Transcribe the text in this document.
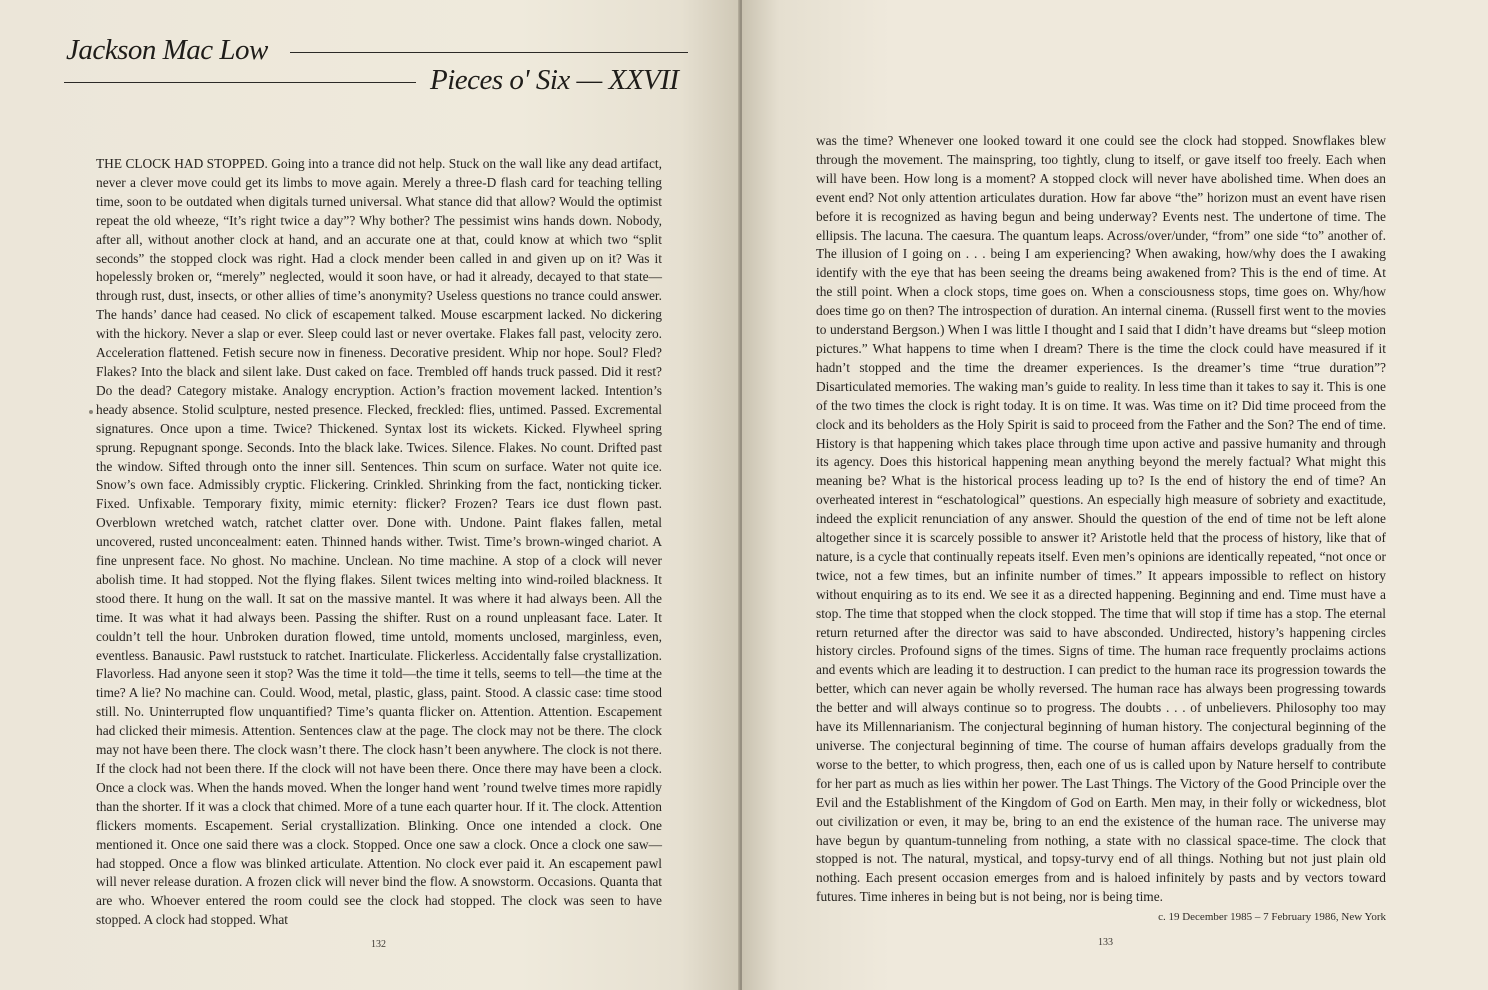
Jackson Mac Low
Pieces o' Six — XXVII
THE CLOCK HAD STOPPED. Going into a trance did not help. Stuck on the wall like any dead artifact, never a clever move could get its limbs to move again. Merely a three-D flash card for teaching telling time, soon to be outdated when digitals turned universal. What stance did that allow? Would the optimist repeat the old wheeze, “It’s right twice a day”? Why bother? The pessimist wins hands down. Nobody, after all, without another clock at hand, and an accurate one at that, could know at which two “split seconds” the stopped clock was right. Had a clock mender been called in and given up on it? Was it hopelessly broken or, “merely” neglected, would it soon have, or had it already, decayed to that state—through rust, dust, insects, or other allies of time’s anonymity? Useless questions no trance could answer. The hands’ dance had ceased. No click of escapement talked. Mouse escarpment lacked. No dickering with the hickory. Never a slap or ever. Sleep could last or never overtake. Flakes fall past, velocity zero. Acceleration flattened. Fetish secure now in fineness. Decorative president. Whip nor hope. Soul? Fled? Flakes? Into the black and silent lake. Dust caked on face. Trembled off hands truck passed. Did it rest? Do the dead? Category mistake. Analogy encryption. Action’s fraction movement lacked. Intention’s heady absence. Stolid sculpture, nested presence. Flecked, freckled: flies, untimed. Passed. Excremental signatures. Once upon a time. Twice? Thickened. Syntax lost its wickets. Kicked. Flywheel spring sprung. Repugnant sponge. Seconds. Into the black lake. Twices. Silence. Flakes. No count. Drifted past the window. Sifted through onto the inner sill. Sentences. Thin scum on surface. Water not quite ice. Snow’s own face. Admissibly cryptic. Flickering. Crinkled. Shrinking from the fact, nonticking ticker. Fixed. Unfixable. Temporary fixity, mimic eternity: flicker? Frozen? Tears ice dust flown past. Overblown wretched watch, ratchet clatter over. Done with. Undone. Paint flakes fallen, metal uncovered, rusted unconcealment: eaten. Thinned hands wither. Twist. Time’s brown-winged chariot. A fine unpresent face. No ghost. No machine. Unclean. No time machine. A stop of a clock will never abolish time. It had stopped. Not the flying flakes. Silent twices melting into wind-roiled blackness. It stood there. It hung on the wall. It sat on the massive mantel. It was where it had always been. All the time. It was what it had always been. Passing the shifter. Rust on a round unpleasant face. Later. It couldn’t tell the hour. Unbroken duration flowed, time untold, moments unclosed, marginless, even, eventless. Banausic. Pawl ruststuck to ratchet. Inarticulate. Flickerless. Accidentally false crystallization. Flavorless. Had anyone seen it stop? Was the time it told—the time it tells, seems to tell—the time at the time? A lie? No machine can. Could. Wood, metal, plastic, glass, paint. Stood. A classic case: time stood still. No. Uninterrupted flow unquantified? Time’s quanta flicker on. Attention. Attention. Escapement had clicked their mimesis. Attention. Sentences claw at the page. The clock may not be there. The clock may not have been there. The clock wasn’t there. The clock hasn’t been anywhere. The clock is not there. If the clock had not been there. If the clock will not have been there. Once there may have been a clock. Once a clock was. When the hands moved. When the longer hand went ’round twelve times more rapidly than the shorter. If it was a clock that chimed. More of a tune each quarter hour. If it. The clock. Attention flickers moments. Escapement. Serial crystallization. Blinking. Once one intended a clock. One mentioned it. Once one said there was a clock. Stopped. Once one saw a clock. Once a clock one saw—had stopped. Once a flow was blinked articulate. Attention. No clock ever paid it. An escapement pawl will never release duration. A frozen click will never bind the flow. A snowstorm. Occasions. Quanta that are who. Whoever entered the room could see the clock had stopped. The clock was seen to have stopped. A clock had stopped. What
132
was the time? Whenever one looked toward it one could see the clock had stopped. Snowflakes blew through the movement. The mainspring, too tightly, clung to itself, or gave itself too freely. Each when will have been. How long is a moment? A stopped clock will never have abolished time. When does an event end? Not only attention articulates duration. How far above “the” horizon must an event have risen before it is recognized as having begun and being underway? Events nest. The undertone of time. The ellipsis. The lacuna. The caesura. The quantum leaps. Across/over/under, “from” one side “to” another of. The illusion of I going on . . . being I am experiencing? When awaking, how/why does the I awaking identify with the eye that has been seeing the dreams being awakened from? This is the end of time. At the still point. When a clock stops, time goes on. When a consciousness stops, time goes on. Why/how does time go on then? The introspection of duration. An internal cinema. (Russell first went to the movies to understand Bergson.) When I was little I thought and I said that I didn’t have dreams but “sleep motion pictures.” What happens to time when I dream? There is the time the clock could have measured if it hadn’t stopped and the time the dreamer experiences. Is the dreamer’s time “true duration”? Disarticulated memories. The waking man’s guide to reality. In less time than it takes to say it. This is one of the two times the clock is right today. It is on time. It was. Was time on it? Did time proceed from the clock and its beholders as the Holy Spirit is said to proceed from the Father and the Son? The end of time. History is that happening which takes place through time upon active and passive humanity and through its agency. Does this historical happening mean anything beyond the merely factual? What might this meaning be? What is the historical process leading up to? Is the end of history the end of time? An overheated interest in “eschatological” questions. An especially high measure of sobriety and exactitude, indeed the explicit renunciation of any answer. Should the question of the end of time not be left alone altogether since it is scarcely possible to answer it? Aristotle held that the process of history, like that of nature, is a cycle that continually repeats itself. Even men’s opinions are identically repeated, “not once or twice, not a few times, but an infinite number of times.” It appears impossible to reflect on history without enquiring as to its end. We see it as a directed happening. Beginning and end. Time must have a stop. The time that stopped when the clock stopped. The time that will stop if time has a stop. The eternal return returned after the director was said to have absconded. Undirected, history’s happening circles history circles. Profound signs of the times. Signs of time. The human race frequently proclaims actions and events which are leading it to destruction. I can predict to the human race its progression towards the better, which can never again be wholly reversed. The human race has always been progressing towards the better and will always continue so to progress. The doubts . . . of unbelievers. Philosophy too may have its Millennarianism. The conjectural beginning of human history. The conjectural beginning of the universe. The conjectural beginning of time. The course of human affairs develops gradually from the worse to the better, to which progress, then, each one of us is called upon by Nature herself to contribute for her part as much as lies within her power. The Last Things. The Victory of the Good Principle over the Evil and the Establishment of the Kingdom of God on Earth. Men may, in their folly or wickedness, blot out civilization or even, it may be, bring to an end the existence of the human race. The universe may have begun by quantum-tunneling from nothing, a state with no classical space-time. The clock that stopped is not. The natural, mystical, and topsy-turvy end of all things. Nothing but not just plain old nothing. Each present occasion emerges from and is haloed infinitely by pasts and by vectors toward futures. Time inheres in being but is not being, nor is being time.
c. 19 December 1985 – 7 February 1986, New York
133
